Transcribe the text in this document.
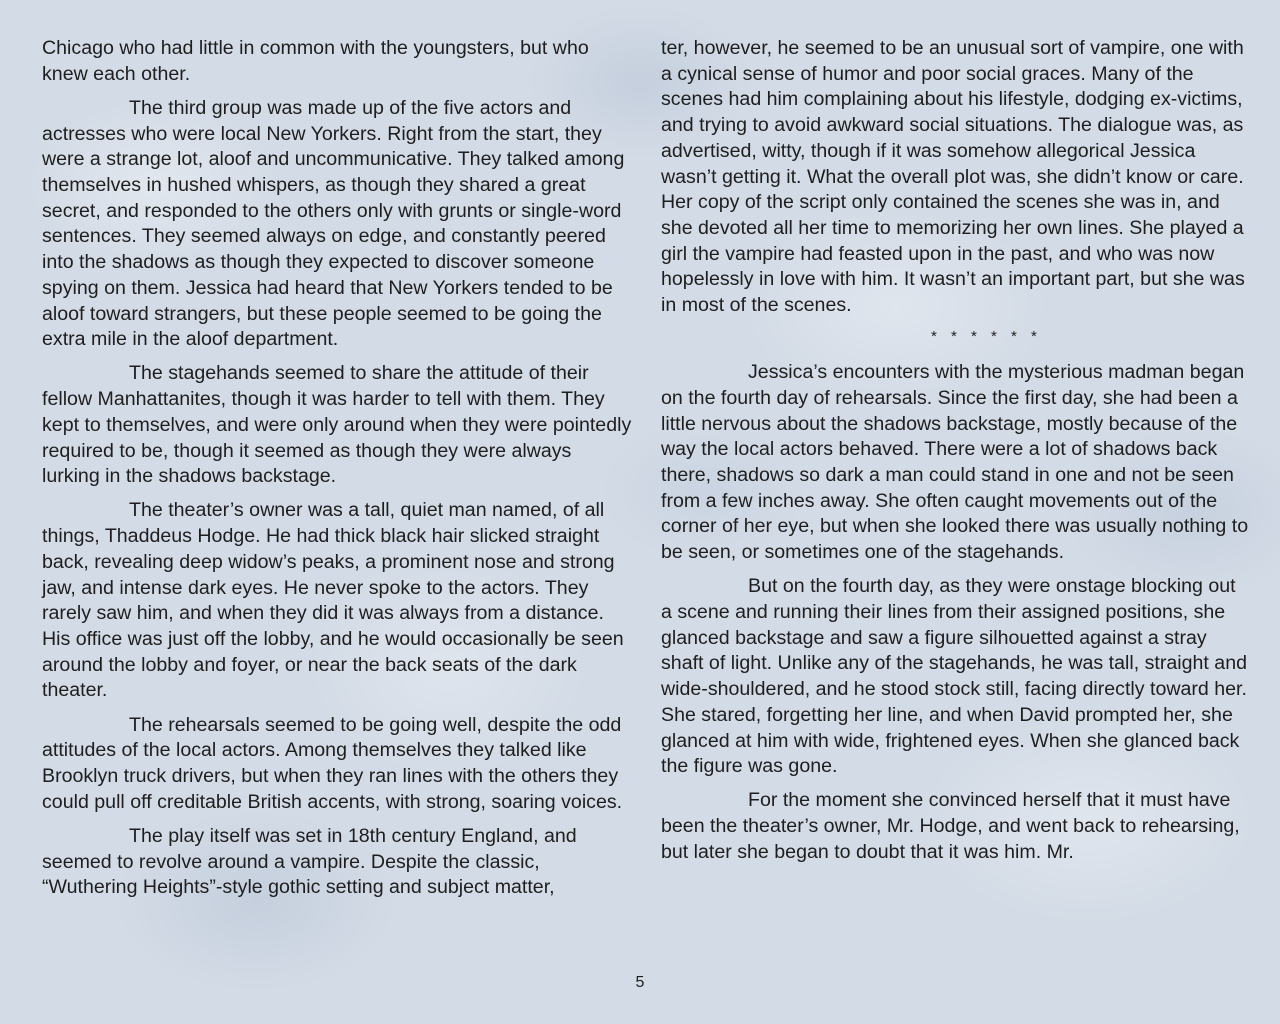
Chicago who had little in common with the youngsters, but who knew each other.

The third group was made up of the five actors and actresses who were local New Yorkers. Right from the start, they were a strange lot, aloof and uncommunicative. They talked among themselves in hushed whispers, as though they shared a great secret, and responded to the others only with grunts or single-word sentences. They seemed always on edge, and constantly peered into the shadows as though they expected to discover someone spying on them. Jessica had heard that New Yorkers tended to be aloof toward strangers, but these people seemed to be going the extra mile in the aloof department.

The stagehands seemed to share the attitude of their fellow Manhattanites, though it was harder to tell with them. They kept to themselves, and were only around when they were pointedly required to be, though it seemed as though they were always lurking in the shadows backstage.

The theater’s owner was a tall, quiet man named, of all things, Thaddeus Hodge. He had thick black hair slicked straight back, revealing deep widow’s peaks, a prominent nose and strong jaw, and intense dark eyes. He never spoke to the actors. They rarely saw him, and when they did it was always from a distance. His office was just off the lobby, and he would occasionally be seen around the lobby and foyer, or near the back seats of the dark theater.

The rehearsals seemed to be going well, despite the odd attitudes of the local actors. Among themselves they talked like Brooklyn truck drivers, but when they ran lines with the others they could pull off creditable British accents, with strong, soaring voices.

The play itself was set in 18th century England, and seemed to revolve around a vampire. Despite the classic, “Wuthering Heights”-style gothic setting and subject matter,

ter, however, he seemed to be an unusual sort of vampire, one with a cynical sense of humor and poor social graces. Many of the scenes had him complaining about his lifestyle, dodging ex-victims, and trying to avoid awkward social situations. The dialogue was, as advertised, witty, though if it was somehow allegorical Jessica wasn’t getting it. What the overall plot was, she didn’t know or care. Her copy of the script only contained the scenes she was in, and she devoted all her time to memorizing her own lines. She played a girl the vampire had feasted upon in the past, and who was now hopelessly in love with him. It wasn’t an important part, but she was in most of the scenes.

* * * * * *

Jessica’s encounters with the mysterious madman began on the fourth day of rehearsals. Since the first day, she had been a little nervous about the shadows backstage, mostly because of the way the local actors behaved. There were a lot of shadows back there, shadows so dark a man could stand in one and not be seen from a few inches away. She often caught movements out of the corner of her eye, but when she looked there was usually nothing to be seen, or sometimes one of the stagehands.

But on the fourth day, as they were onstage blocking out a scene and running their lines from their assigned positions, she glanced backstage and saw a figure silhouetted against a stray shaft of light. Unlike any of the stagehands, he was tall, straight and wide-shouldered, and he stood stock still, facing directly toward her. She stared, forgetting her line, and when David prompted her, she glanced at him with wide, frightened eyes. When she glanced back the figure was gone.

For the moment she convinced herself that it must have been the theater’s owner, Mr. Hodge, and went back to rehearsing, but later she began to doubt that it was him. Mr.

5
